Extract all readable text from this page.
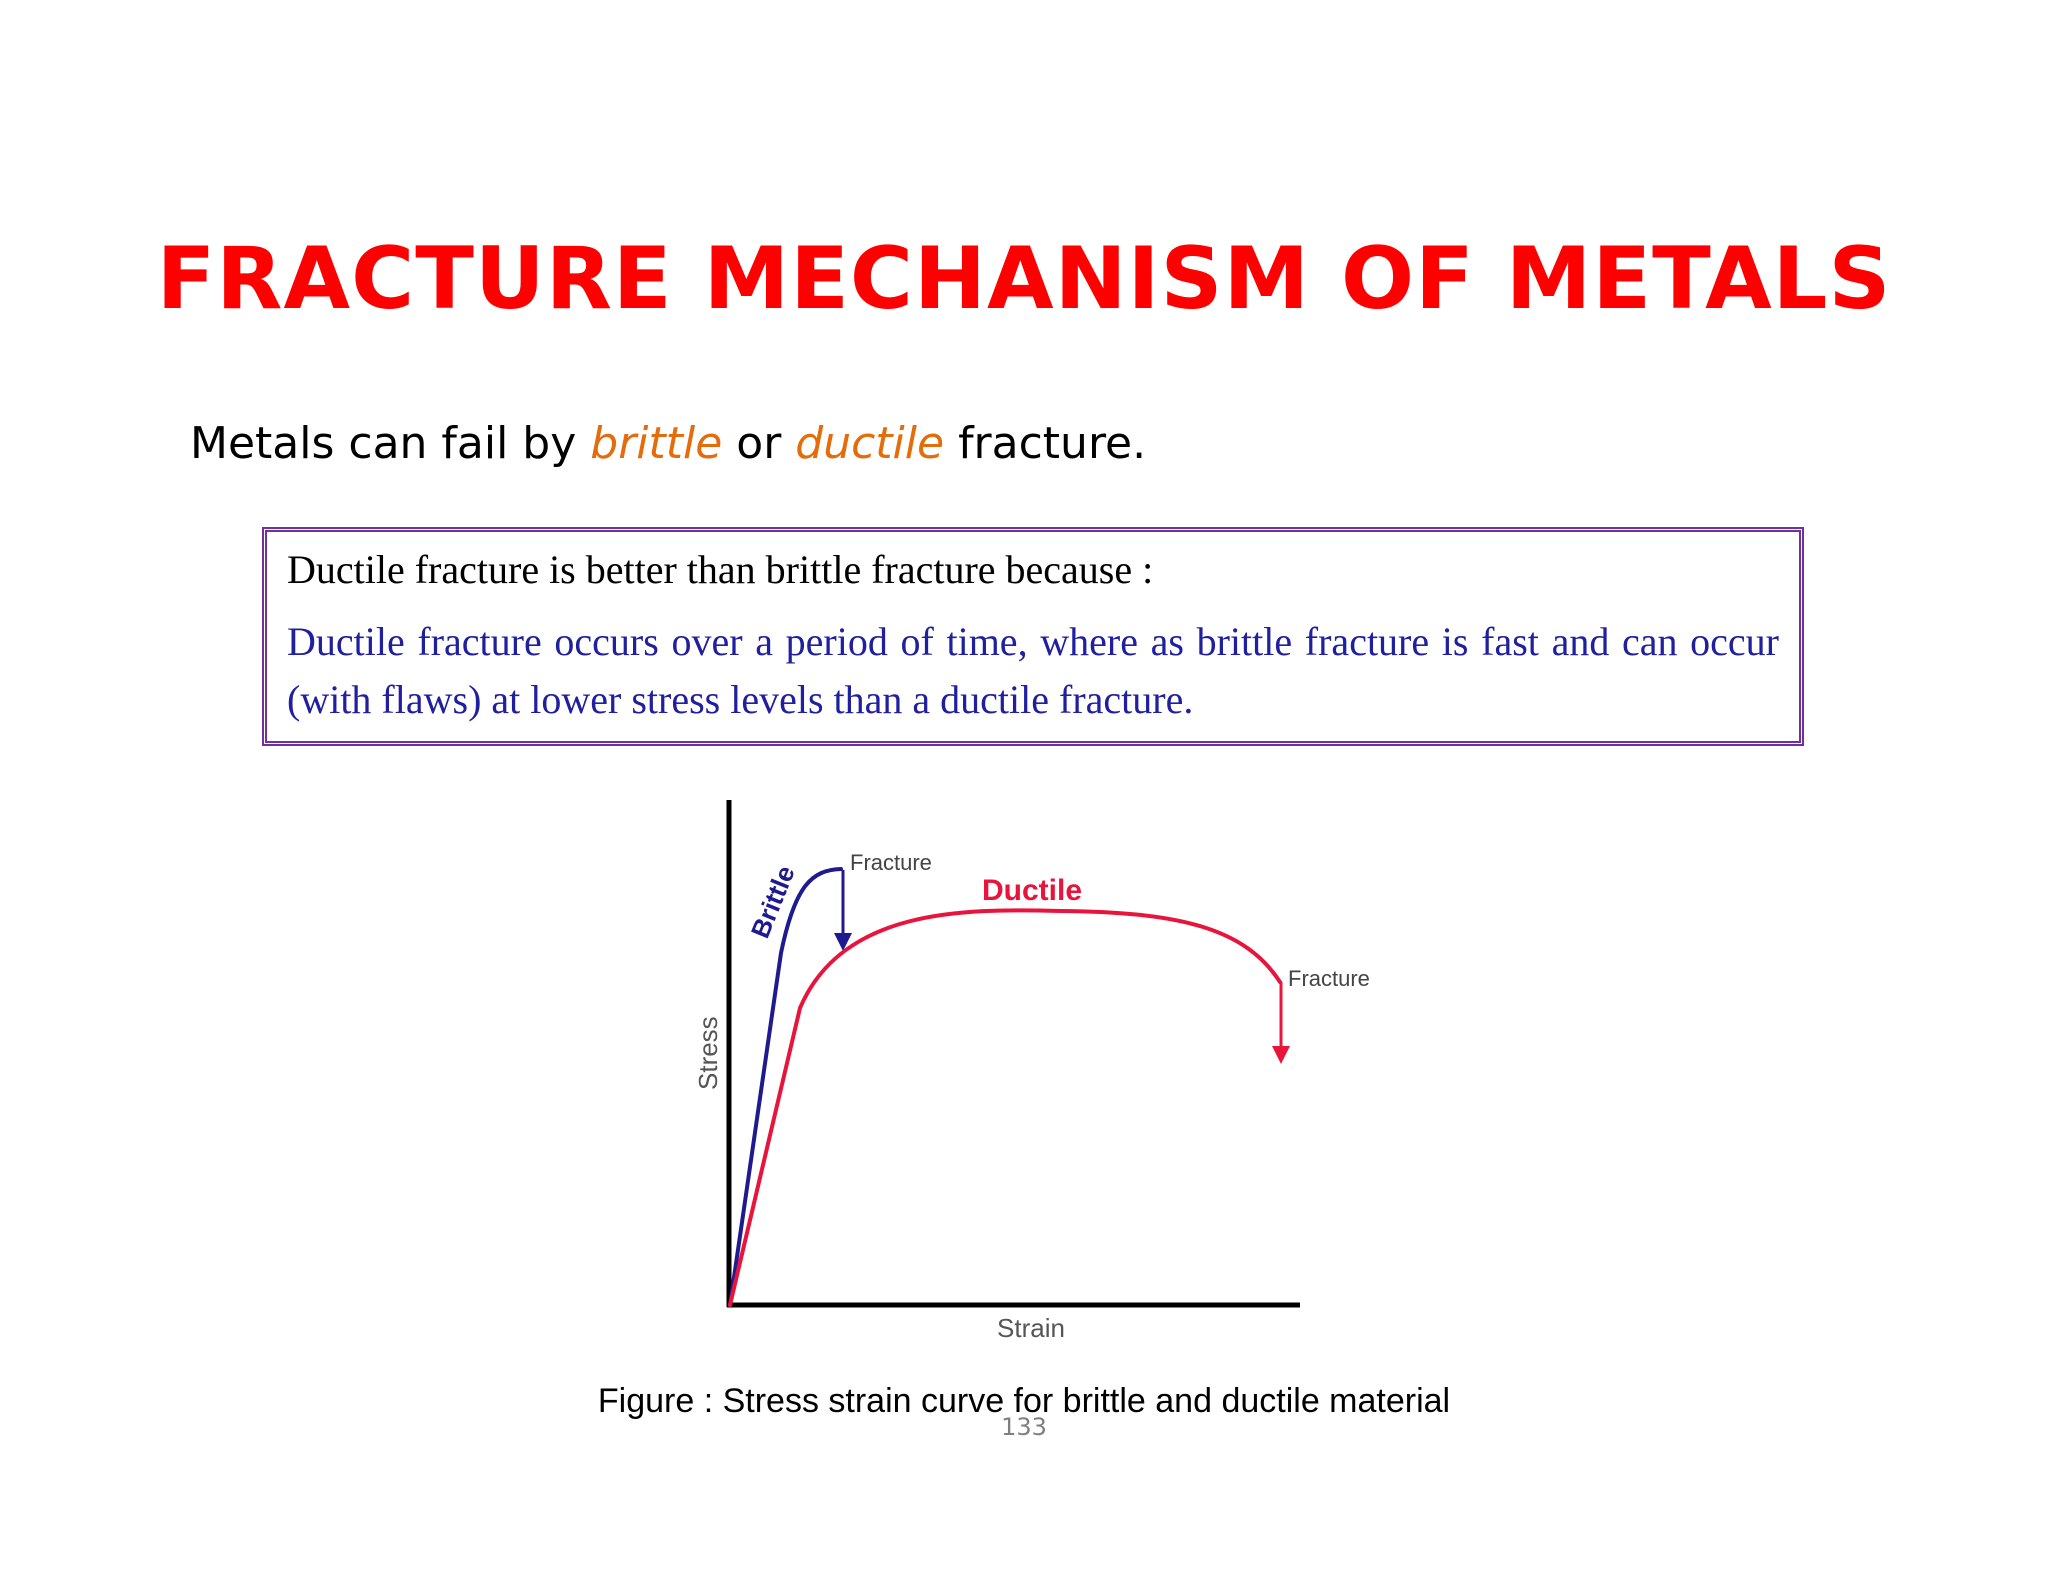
FRACTURE MECHANISM OF METALS
Metals can fail by brittle or ductile fracture.

Ductile fracture is better than brittle fracture because :

Ductile fracture occurs over a period of time, where as brittle fracture is fast and can occur (with flaws) at lower stress levels than a ductile fracture.

Brittle Fracture
Ductile
Fracture
Stress
Strain
Figure : Stress strain curve for brittle and ductile material
133
